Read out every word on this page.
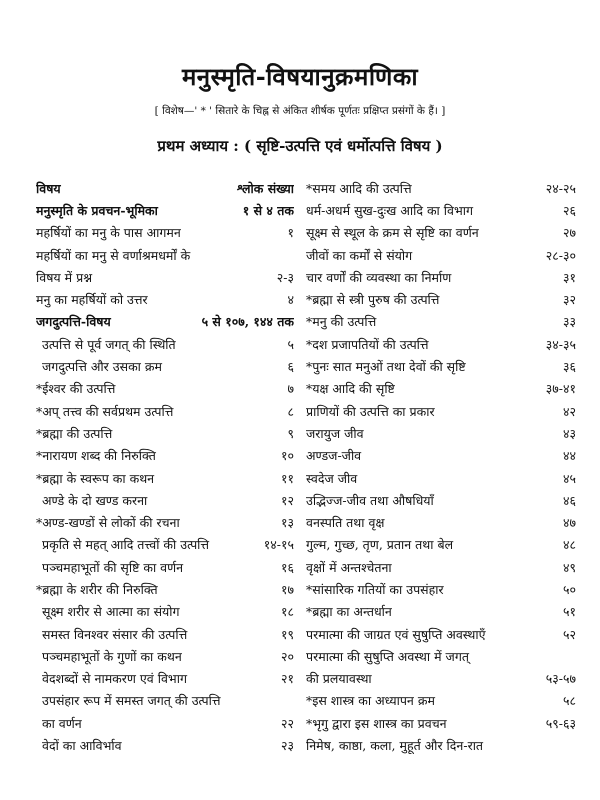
मनुस्मृति-विषयानुक्रमणिका
[ विशेष—' * ' सितारे के चिह्न से अंकित शीर्षक पूर्णतः प्रक्षिप्त प्रसंगों के हैं। ]
प्रथम अध्याय : ( सृष्टि-उत्पत्ति एवं धर्मोत्पत्ति विषय )
विषय	श्लोक संख्या
मनुस्मृति के प्रवचन-भूमिका	१ से ४ तक
महर्षियों का मनु के पास आगमन	१
महर्षियों का मनु से वर्णाश्रमधर्मों के
विषय में प्रश्न	२-३
मनु का महर्षियों को उत्तर	४
जगदुत्पत्ति-विषय	५ से १०७, १४४ तक
उत्पत्ति से पूर्व जगत् की स्थिति	५
जगदुत्पत्ति और उसका क्रम	६
* ईश्वर की उत्पत्ति	७
* अप् तत्त्व की सर्वप्रथम उत्पत्ति	८
* ब्रह्मा की उत्पत्ति	९
* नारायण शब्द की निरुक्ति	१०
* ब्रह्मा के स्वरूप का कथन	११
अण्डे के दो खण्ड करना	१२
* अण्ड-खण्डों से लोकों की रचना	१३
प्रकृति से महत् आदि तत्त्वों की उत्पत्ति	१४-१५
पञ्चमहाभूतों की सृष्टि का वर्णन	१६
* ब्रह्मा के शरीर की निरुक्ति	१७
सूक्ष्म शरीर से आत्मा का संयोग	१८
समस्त विनश्वर संसार की उत्पत्ति	१९
पञ्चमहाभूतों के गुणों का कथन	२०
वेदशब्दों से नामकरण एवं विभाग	२१
उपसंहार रूप में समस्त जगत् की उत्पत्ति
का वर्णन	२२
वेदों का आविर्भाव	२३
* समय आदि की उत्पत्ति	२४-२५
धर्म-अधर्म सुख-दुःख आदि का विभाग	२६
सूक्ष्म से स्थूल के क्रम से सृष्टि का वर्णन	२७
जीवों का कर्मों से संयोग	२८-३०
चार वर्णों की व्यवस्था का निर्माण	३१
* ब्रह्मा से स्त्री पुरुष की उत्पत्ति	३२
* मनु की उत्पत्ति	३३
* दश प्रजापतियों की उत्पत्ति	३४-३५
* पुनः सात मनुओं तथा देवों की सृष्टि	३६
* यक्ष आदि की सृष्टि	३७-४१
प्राणियों की उत्पत्ति का प्रकार	४२
जरायुज जीव	४३
अण्डज-जीव	४४
स्वदेज जीव	४५
उद्भिज्ज-जीव तथा औषधियाँ	४६
वनस्पति तथा वृक्ष	४७
गुल्म, गुच्छ, तृण, प्रतान तथा बेल	४८
वृक्षों में अन्तश्चेतना	४९
* सांसारिक गतियों का उपसंहार	५०
* ब्रह्मा का अन्तर्धान	५१
परमात्मा की जाग्रत एवं सुषुप्ति अवस्थाएँ	५२
परमात्मा की सुषुप्ति अवस्था में जगत्
की प्रलयावस्था	५३-५७
* इस शास्त्र का अध्यापन क्रम	५८
* भृगु द्वारा इस शास्त्र का प्रवचन	५९-६३
निमेष, काष्ठा, कला, मुहूर्त और दिन-रात
